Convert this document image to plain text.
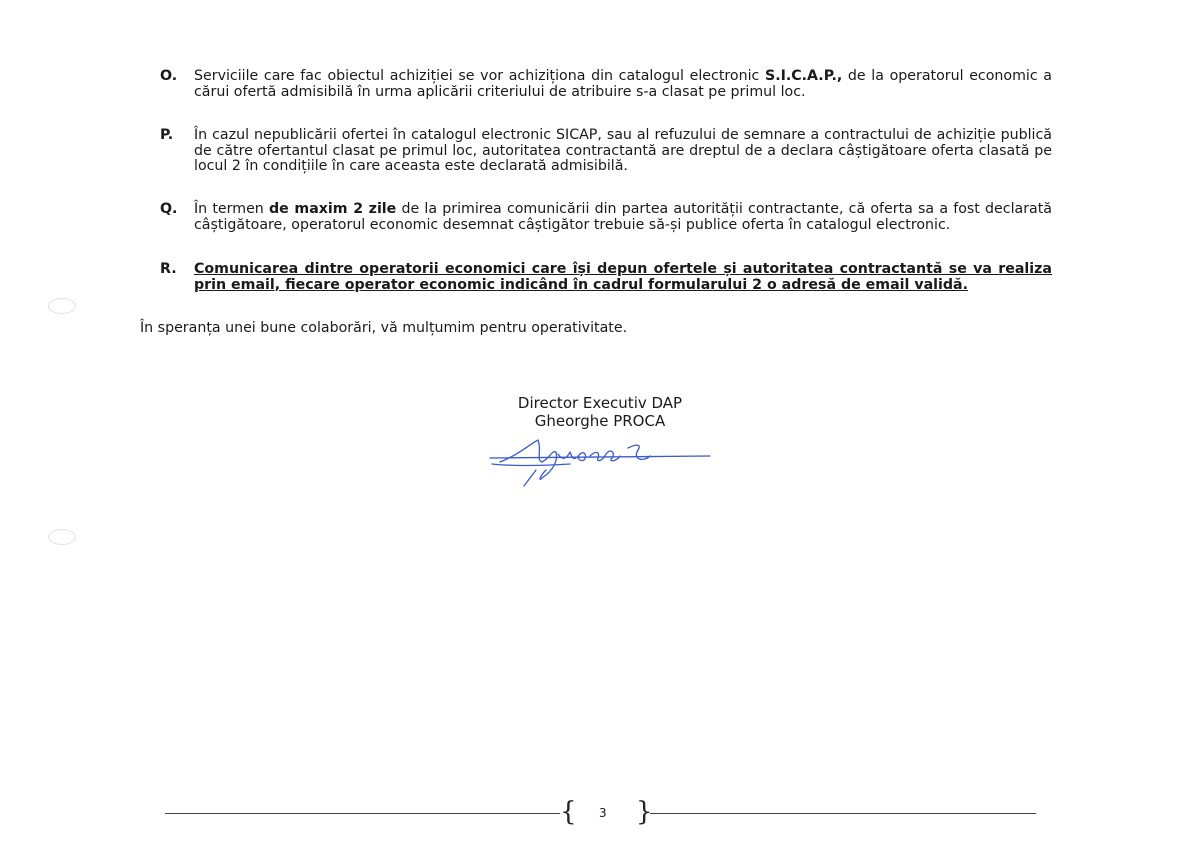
O.	Serviciile care fac obiectul achiziției se vor achiziționa din catalogul electronic S.I.C.A.P., de la operatorul economic a cărui ofertă admisibilă în urma aplicării criteriului de atribuire s-a clasat pe primul loc.
P.	În cazul nepublicării ofertei în catalogul electronic SICAP, sau al refuzului de semnare a contractului de achiziție publică de către ofertantul clasat pe primul loc, autoritatea contractantă are dreptul de a declara câștigătoare oferta clasată pe locul 2 în condițiile în care aceasta este declarată admisibilă.
Q.	În termen de maxim 2 zile de la primirea comunicării din partea autorității contractante, că oferta sa a fost declarată câștigătoare, operatorul economic desemnat câștigător trebuie să-și publice oferta în catalogul electronic.
R.	Comunicarea dintre operatorii economici care își depun ofertele și autoritatea contractantă se va realiza prin email, fiecare operator economic indicând în cadrul formularului 2 o adresă de email validă.
În speranța unei bune colaborări, vă mulțumim pentru operativitate.
Director Executiv DAP
Gheorghe PROCA
{ 3 }
